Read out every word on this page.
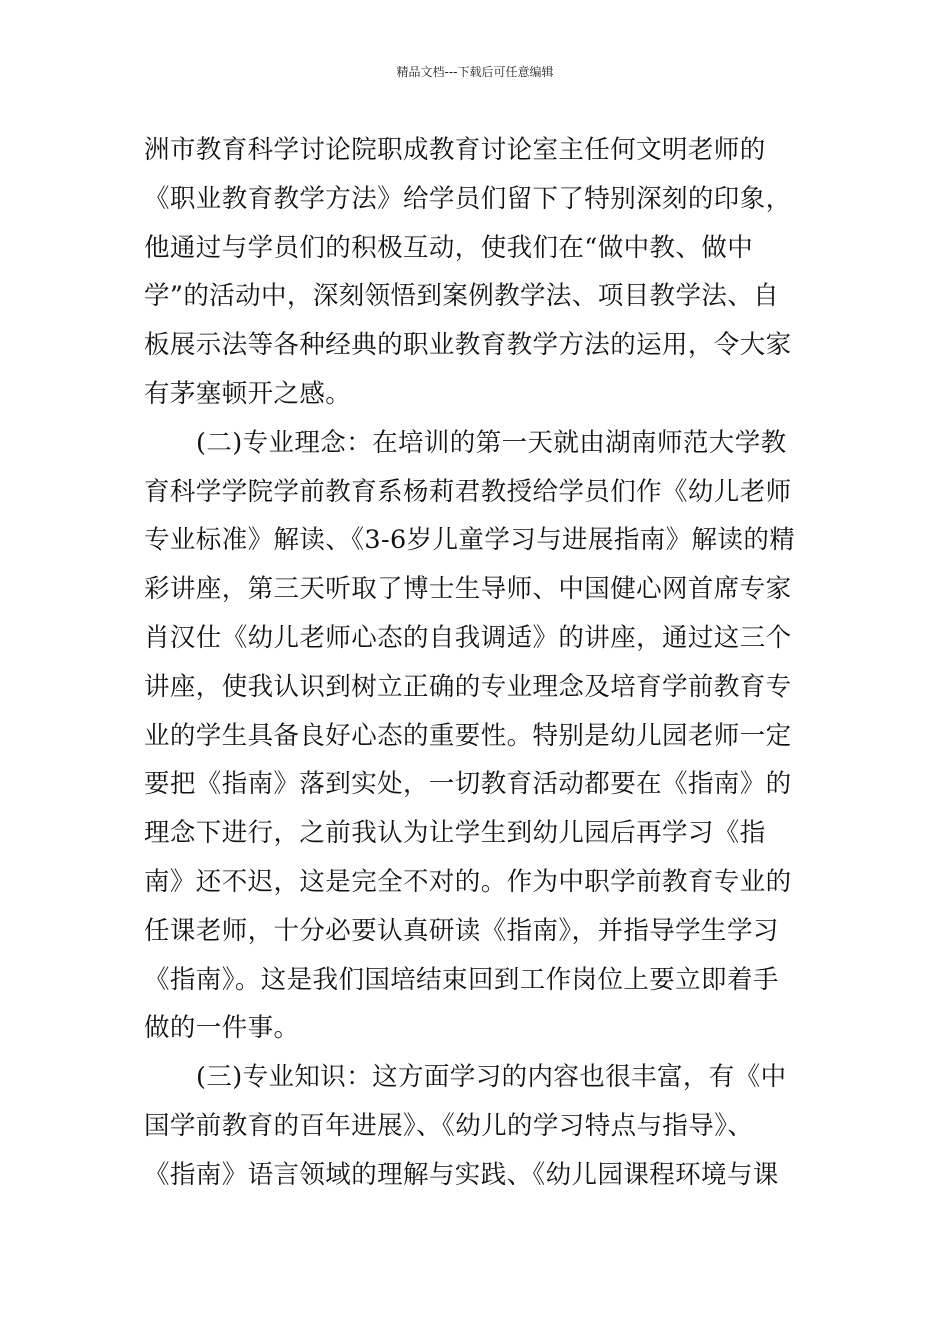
精品文档---下载后可任意编辑
洲市教育科学讨论院职成教育讨论室主任何文明老师的
《职业教育教学方法》给学员们留下了特别深刻的印象，
他通过与学员们的积极互动，使我们在“做中教、做中
学”的活动中，深刻领悟到案例教学法、项目教学法、自
板展示法等各种经典的职业教育教学方法的运用，令大家
有茅塞顿开之感。
(二)专业理念：在培训的第一天就由湖南师范大学教
育科学学院学前教育系杨莉君教授给学员们作《幼儿老师
专业标准》解读、《3-6岁儿童学习与进展指南》解读的精
彩讲座，第三天听取了博士生导师、中国健心网首席专家
肖汉仕《幼儿老师心态的自我调适》的讲座，通过这三个
讲座，使我认识到树立正确的专业理念及培育学前教育专
业的学生具备良好心态的重要性。特别是幼儿园老师一定
要把《指南》落到实处，一切教育活动都要在《指南》的
理念下进行，之前我认为让学生到幼儿园后再学习《指
南》还不迟，这是完全不对的。作为中职学前教育专业的
任课老师，十分必要认真研读《指南》，并指导学生学习
《指南》。这是我们国培结束回到工作岗位上要立即着手
做的一件事。
(三)专业知识：这方面学习的内容也很丰富，有《中
国学前教育的百年进展》、《幼儿的学习特点与指导》、
《指南》语言领域的理解与实践、《幼儿园课程环境与课
